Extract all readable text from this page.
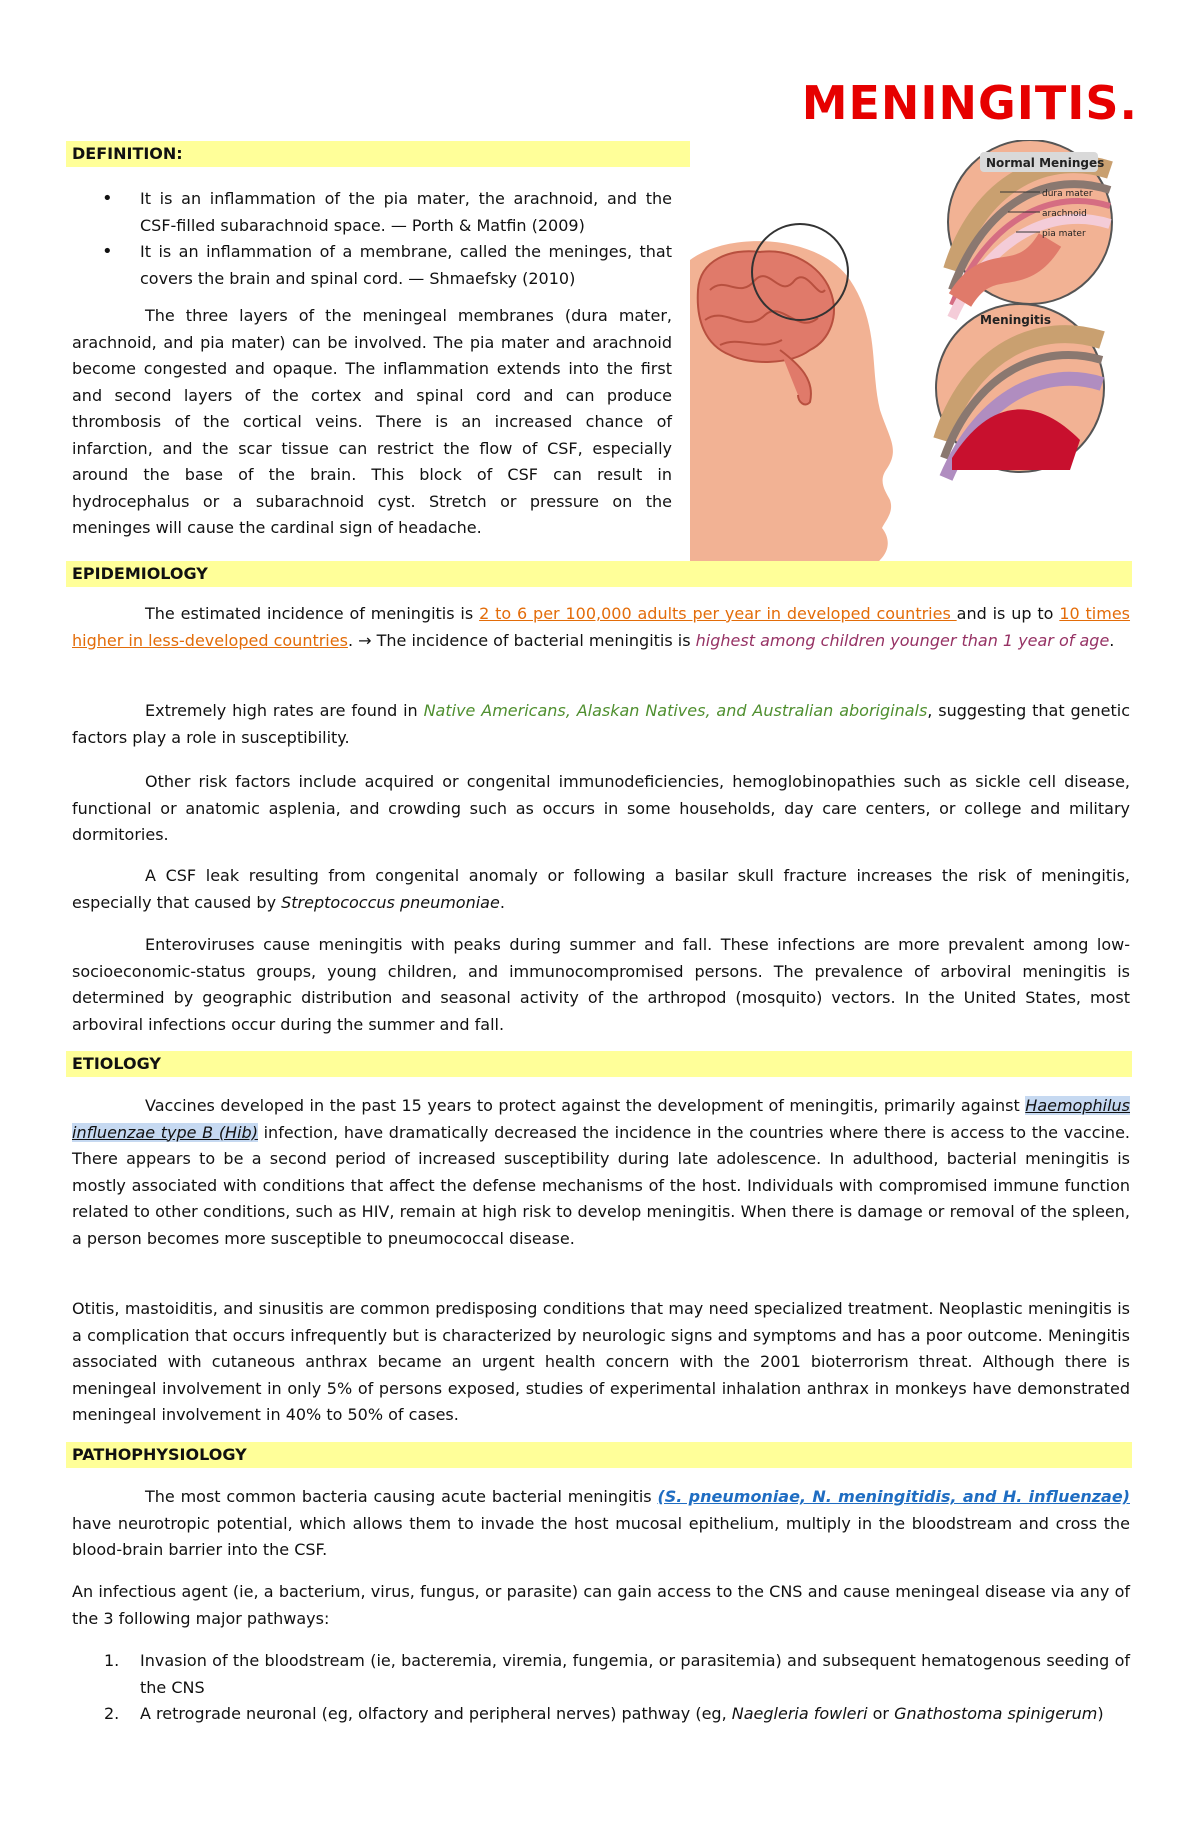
MENINGITIS.
DEFINITION:
• It is an inflammation of the pia mater, the arachnoid, and the CSF-filled subarachnoid space. — Porth & Matfin (2009)
• It is an inflammation of a membrane, called the meninges, that covers the brain and spinal cord. — Shmaefsky (2010)
The three layers of the meningeal membranes (dura mater, arachnoid, and pia mater) can be involved. The pia mater and arachnoid become congested and opaque. The inflammation extends into the first and second layers of the cortex and spinal cord and can produce thrombosis of the cortical veins. There is an increased chance of infarction, and the scar tissue can restrict the flow of CSF, especially around the base of the brain. This block of CSF can result in hydrocephalus or a subarachnoid cyst. Stretch or pressure on the meninges will cause the cardinal sign of headache.
Normal Meninges
dura mater
arachnoid
pia mater
Meningitis
EPIDEMIOLOGY
The estimated incidence of meningitis is 2 to 6 per 100,000 adults per year in developed countries and is up to 10 times higher in less-developed countries. → The incidence of bacterial meningitis is highest among children younger than 1 year of age.
Extremely high rates are found in Native Americans, Alaskan Natives, and Australian aboriginals, suggesting that genetic factors play a role in susceptibility.
Other risk factors include acquired or congenital immunodeficiencies, hemoglobinopathies such as sickle cell disease, functional or anatomic asplenia, and crowding such as occurs in some households, day care centers, or college and military dormitories.
A CSF leak resulting from congenital anomaly or following a basilar skull fracture increases the risk of meningitis, especially that caused by Streptococcus pneumoniae.
Enteroviruses cause meningitis with peaks during summer and fall. These infections are more prevalent among low-socioeconomic-status groups, young children, and immunocompromised persons. The prevalence of arboviral meningitis is determined by geographic distribution and seasonal activity of the arthropod (mosquito) vectors. In the United States, most arboviral infections occur during the summer and fall.
ETIOLOGY
Vaccines developed in the past 15 years to protect against the development of meningitis, primarily against Haemophilus influenzae type B (Hib) infection, have dramatically decreased the incidence in the countries where there is access to the vaccine. There appears to be a second period of increased susceptibility during late adolescence. In adulthood, bacterial meningitis is mostly associated with conditions that affect the defense mechanisms of the host. Individuals with compromised immune function related to other conditions, such as HIV, remain at high risk to develop meningitis. When there is damage or removal of the spleen, a person becomes more susceptible to pneumococcal disease.
Otitis, mastoiditis, and sinusitis are common predisposing conditions that may need specialized treatment. Neoplastic meningitis is a complication that occurs infrequently but is characterized by neurologic signs and symptoms and has a poor outcome. Meningitis associated with cutaneous anthrax became an urgent health concern with the 2001 bioterrorism threat. Although there is meningeal involvement in only 5% of persons exposed, studies of experimental inhalation anthrax in monkeys have demonstrated meningeal involvement in 40% to 50% of cases.
PATHOPHYSIOLOGY
The most common bacteria causing acute bacterial meningitis (S. pneumoniae, N. meningitidis, and H. influenzae) have neurotropic potential, which allows them to invade the host mucosal epithelium, multiply in the bloodstream and cross the blood-brain barrier into the CSF.
An infectious agent (ie, a bacterium, virus, fungus, or parasite) can gain access to the CNS and cause meningeal disease via any of the 3 following major pathways:
1. Invasion of the bloodstream (ie, bacteremia, viremia, fungemia, or parasitemia) and subsequent hematogenous seeding of the CNS
2. A retrograde neuronal (eg, olfactory and peripheral nerves) pathway (eg, Naegleria fowleri or Gnathostoma spinigerum)
